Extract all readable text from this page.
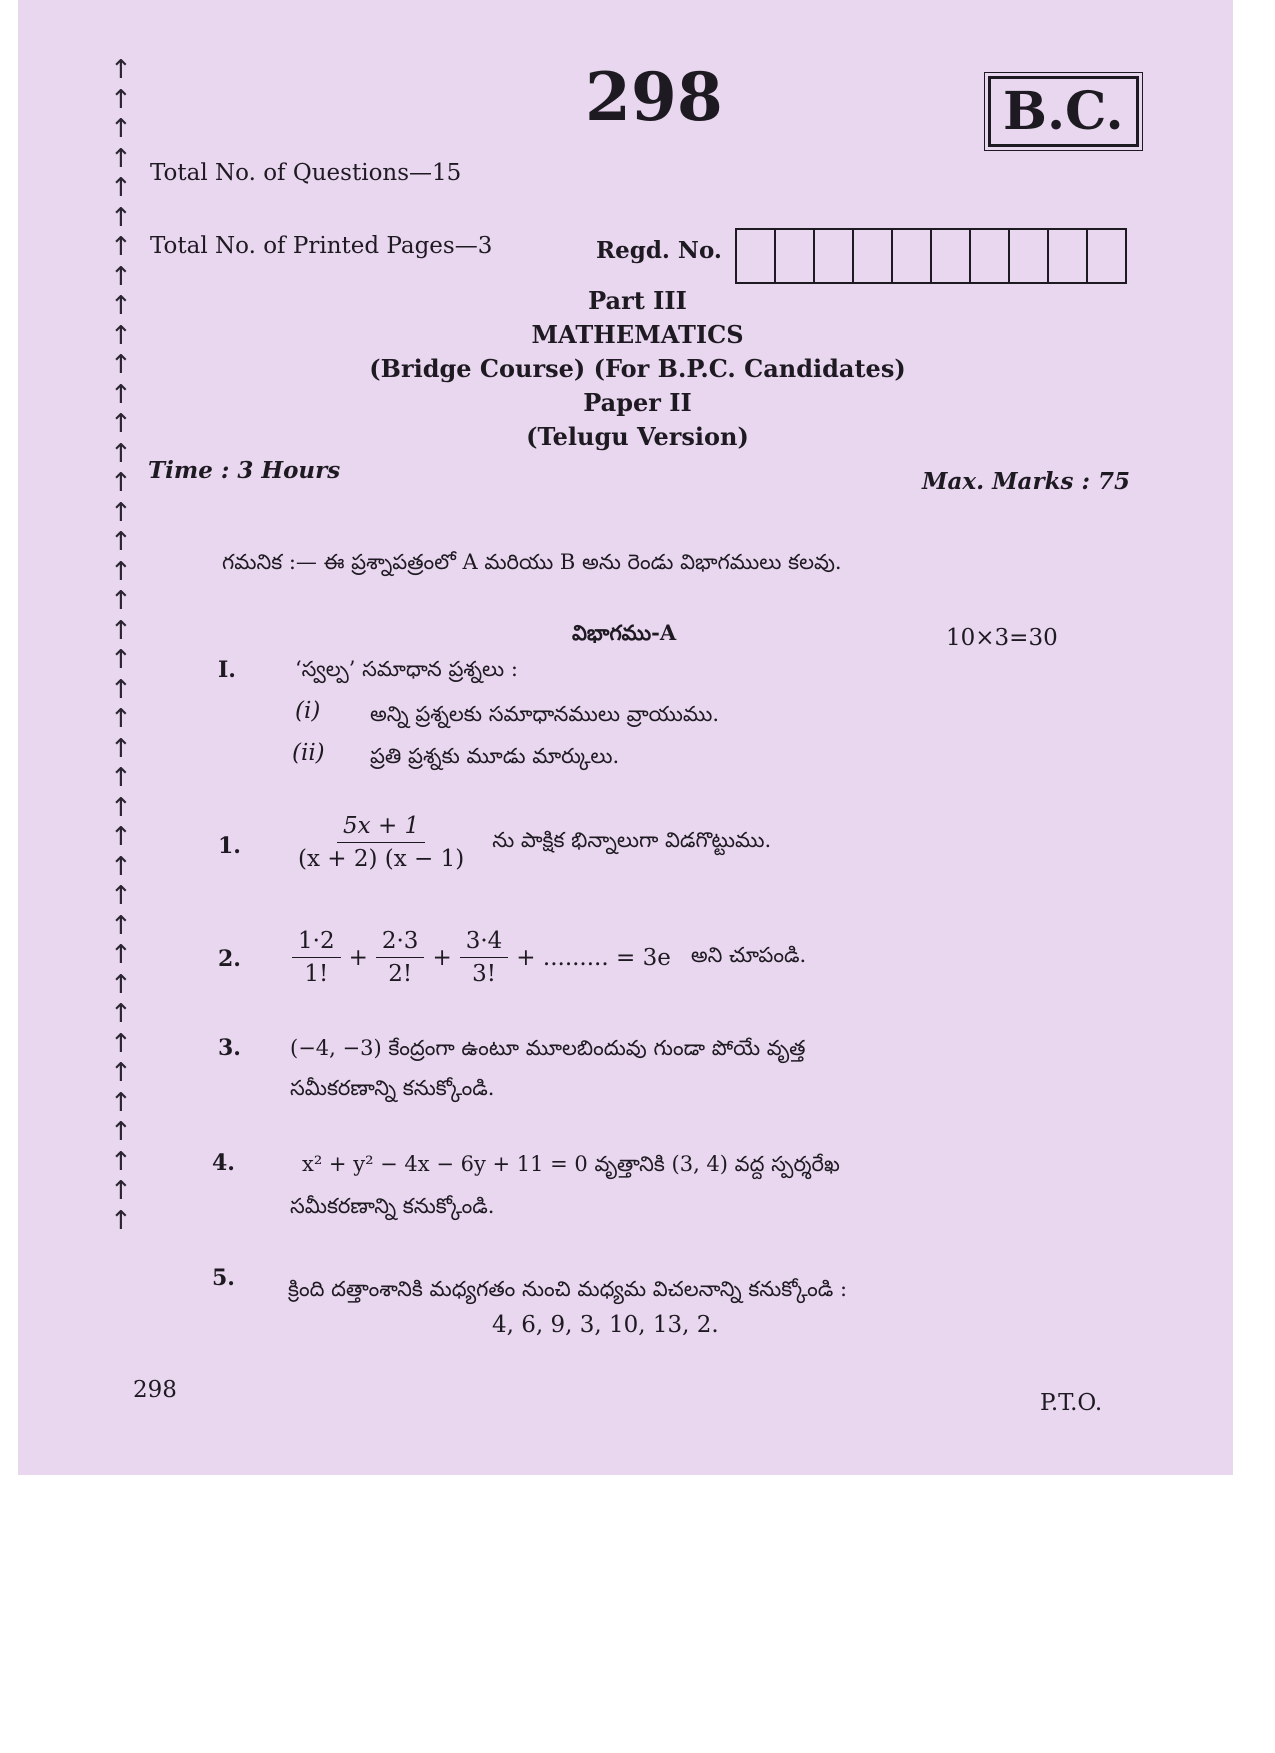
↑
↑
↑
↑
↑
↑
↑
↑
↑
↑
↑
↑
↑
↑
↑
↑
↑
↑
↑
↑
↑
↑
↑
↑
↑
↑
↑
↑
↑
↑
↑
↑
↑
↑
↑
↑
↑
↑
↑
↑
298	B.C.
Total No. of Questions—15
Total No. of Printed Pages—3	Regd. No.
Part III
MATHEMATICS
(Bridge Course) (For B.P.C. Candidates)
Paper II
(Telugu Version)
Time : 3 Hours	Max. Marks : 75
గమనిక :— ఈ ప్రశ్నాపత్రంలో A మరియు B అను రెండు విభాగములు కలవు.
విభాగము-A	10×3=30
I.	‘స్వల్ప’ సమాధాన ప్రశ్నలు :
(i) అన్ని ప్రశ్నలకు సమాధానములు వ్రాయుము.
(ii) ప్రతి ప్రశ్నకు మూడు మార్కులు.
1. $\frac{5x + 1}{(x + 2) (x - 1)}$ ను పాక్షిక భిన్నాలుగా విడగొట్టుము.
2. $\frac{1\cdot 2}{1!} + \frac{2\cdot 3}{2!} + \frac{3\cdot 4}{3!}$ + ......... = 3e అని చూపండి.
3. (−4, −3) కేంద్రంగా ఉంటూ మూలబిందువు గుండా పోయే వృత్త
సమీకరణాన్ని కనుక్కోండి.
4.	x² + y² − 4x − 6y + 11 = 0 వృత్తానికి (3, 4) వద్ద స్పర్శరేఖ
సమీకరణాన్ని కనుక్కోండి.
5.	క్రింది దత్తాంశానికి మధ్యగతం నుంచి మధ్యమ విచలనాన్ని కనుక్కోండి :
4, 6, 9, 3, 10, 13, 2.
298	P.T.O.
